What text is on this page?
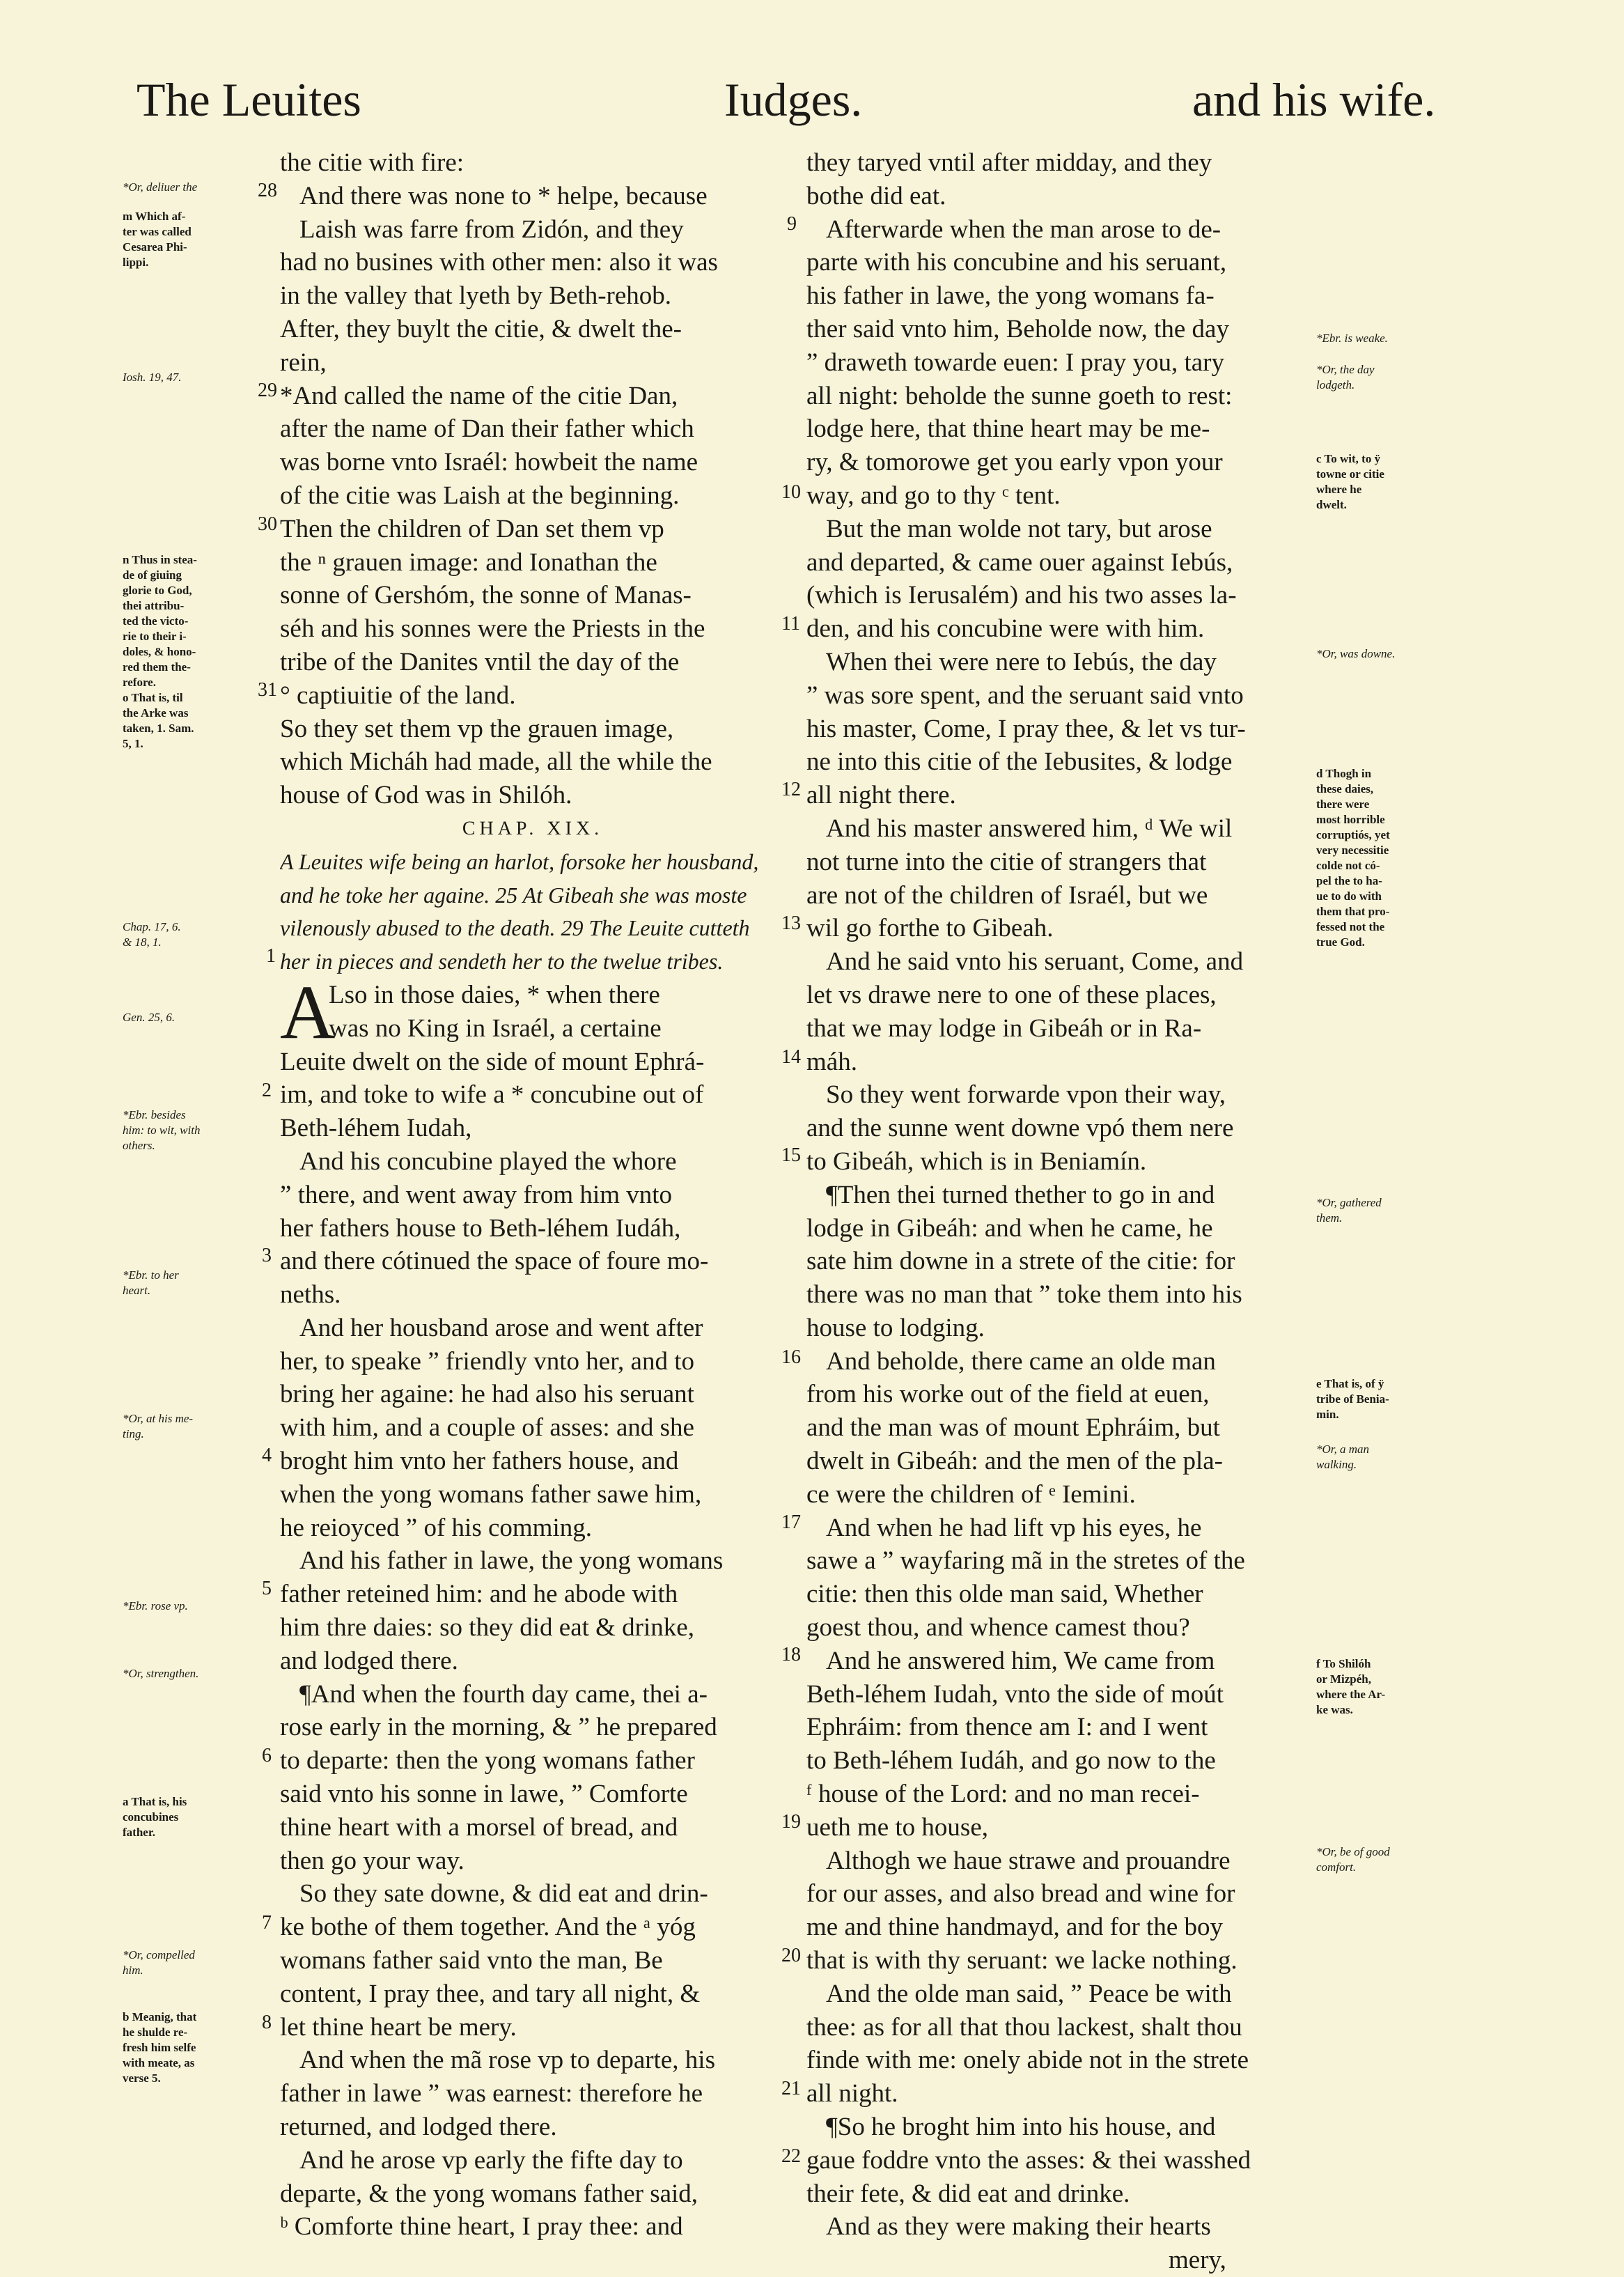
The Leuites	Iudges.	and his wife.
the citie with fire:
And there was none to * helpe, because
Laish was farre from Zidón, and they
had no busines with other men: also it was
in the valley that lyeth by Beth-rehob.
After, they buylt the citie, & dwelt the-
rein,
*And called the name of the citie Dan,
after the name of Dan their father which
was borne vnto Israél: howbeit the name
of the citie was Laish at the beginning.
Then the children of Dan set them vp
the ⁿ grauen image: and Ionathan the
sonne of Gershóm, the sonne of Manas-
séh and his sonnes were the Priests in the
tribe of the Danites vntil the day of the
° captiuitie of the land.
So they set them vp the grauen image,
which Micháh had made, all the while the
house of God was in Shilóh.
CHAP. XIX.
A Leuites wife being an harlot, forsoke her housband,
and he toke her againe. 25 At Gibeah she was moste
vilenously abused to the death. 29 The Leuite cutteth
her in pieces and sendeth her to the twelue tribes.
A
Lso in those daies, * when there
was no King in Israél, a certaine
Leuite dwelt on the side of mount Ephrá-
im, and toke to wife a * concubine out of
Beth-léhem Iudah,
And his concubine played the whore
” there, and went away from him vnto
her fathers house to Beth-léhem Iudáh,
and there cótinued the space of foure mo-
neths.
And her housband arose and went after
her, to speake ” friendly vnto her, and to
bring her againe: he had also his seruant
with him, and a couple of asses: and she
broght him vnto her fathers house, and
when the yong womans father sawe him,
he reioyced ” of his comming.
And his father in lawe, the yong womans
father reteined him: and he abode with
him thre daies: so they did eat & drinke,
and lodged there.
¶And when the fourth day came, thei a-
rose early in the morning, & ” he prepared
to departe: then the yong womans father
said vnto his sonne in lawe, ” Comforte
thine heart with a morsel of bread, and
then go your way.
So they sate downe, & did eat and drin-
ke bothe of them together. And the ᵃ yóg
womans father said vnto the man, Be
content, I pray thee, and tary all night, &
let thine heart be mery.
And when the mã rose vp to departe, his
father in lawe ” was earnest: therefore he
returned, and lodged there.
And he arose vp early the fifte day to
departe, & the yong womans father said,
ᵇ Comforte thine heart, I pray thee: and
they taryed vntil after midday, and they
bothe did eat.
Afterwarde when the man arose to de-
parte with his concubine and his seruant,
his father in lawe, the yong womans fa-
ther said vnto him, Beholde now, the day
” draweth towarde euen: I pray you, tary
all night: beholde the sunne goeth to rest:
lodge here, that thine heart may be me-
ry, & tomorowe get you early vpon your
way, and go to thy ᶜ tent.
But the man wolde not tary, but arose
and departed, & came ouer against Iebús,
(which is Ierusalém) and his two asses la-
den, and his concubine were with him.
When thei were nere to Iebús, the day
” was sore spent, and the seruant said vnto
his master, Come, I pray thee, & let vs tur-
ne into this citie of the Iebusites, & lodge
all night there.
And his master answered him, ᵈ We wil
not turne into the citie of strangers that
are not of the children of Israél, but we
wil go forthe to Gibeah.
And he said vnto his seruant, Come, and
let vs drawe nere to one of these places,
that we may lodge in Gibeáh or in Ra-
máh.
So they went forwarde vpon their way,
and the sunne went downe vpó them nere
to Gibeáh, which is in Beniamín.
¶Then thei turned thether to go in and
lodge in Gibeáh: and when he came, he
sate him downe in a strete of the citie: for
there was no man that ” toke them into his
house to lodging.
And beholde, there came an olde man
from his worke out of the field at euen,
and the man was of mount Ephráim, but
dwelt in Gibeáh: and the men of the pla-
ce were the children of ᵉ Iemini.
And when he had lift vp his eyes, he
sawe a ” wayfaring mã in the stretes of the
citie: then this olde man said, Whether
goest thou, and whence camest thou?
And he answered him, We came from
Beth-léhem Iudah, vnto the side of moút
Ephráim: from thence am I: and I went
to Beth-léhem Iudáh, and go now to the
ᶠ house of the Lord: and no man recei-
ueth me to house,
Althogh we haue strawe and prouandre
for our asses, and also bread and wine for
me and thine handmayd, and for the boy
that is with thy seruant: we lacke nothing.
And the olde man said, ” Peace be with
thee: as for all that thou lackest, shalt thou
finde with me: onely abide not in the strete
all night.
¶So he broght him into his house, and
gaue foddre vnto the asses: & thei wasshed
their fete, & did eat and drinke.
And as they were making their hearts
mery,
28
29
30
31
1
2
3
4
5
6
7
8
9
10
11
12
13
14
15
16
17
18
19
20
21
22
*Or, deliuer the
m Which af-
ter was called
Cesarea Phi-
lippi.
Iosh. 19, 47.
n Thus in stea-
de of giuing
glorie to God,
thei attribu-
ted the victo-
rie to their i-
doles, & hono-
red them the-
refore.
o That is, til
the Arke was
taken, 1. Sam.
5, 1.
Chap. 17, 6.
& 18, 1.
Gen. 25, 6.
*Ebr. besides
him: to wit, with
others.
*Ebr. to her
heart.
*Or, at his me-
ting.
*Ebr. rose vp.
*Or, strengthen.
a That is, his
concubines
father.
*Or, compelled
him.
b Meanig, that
he shulde re-
fresh him selfe
with meate, as
verse 5.
*Ebr. is weake.
*Or, the day
lodgeth.
c To wit, to ÿ
towne or citie
where he
dwelt.
*Or, was downe.
d Thogh in
these daies,
there were
most horrible
corruptiós, yet
very necessitie
colde not có-
pel the to ha-
ue to do with
them that pro-
fessed not the
true God.
*Or, gathered
them.
e That is, of ÿ
tribe of Benia-
min.
*Or, a man
walking.
f To Shilóh
or Mizpéh,
where the Ar-
ke was.
*Or, be of good
comfort.
